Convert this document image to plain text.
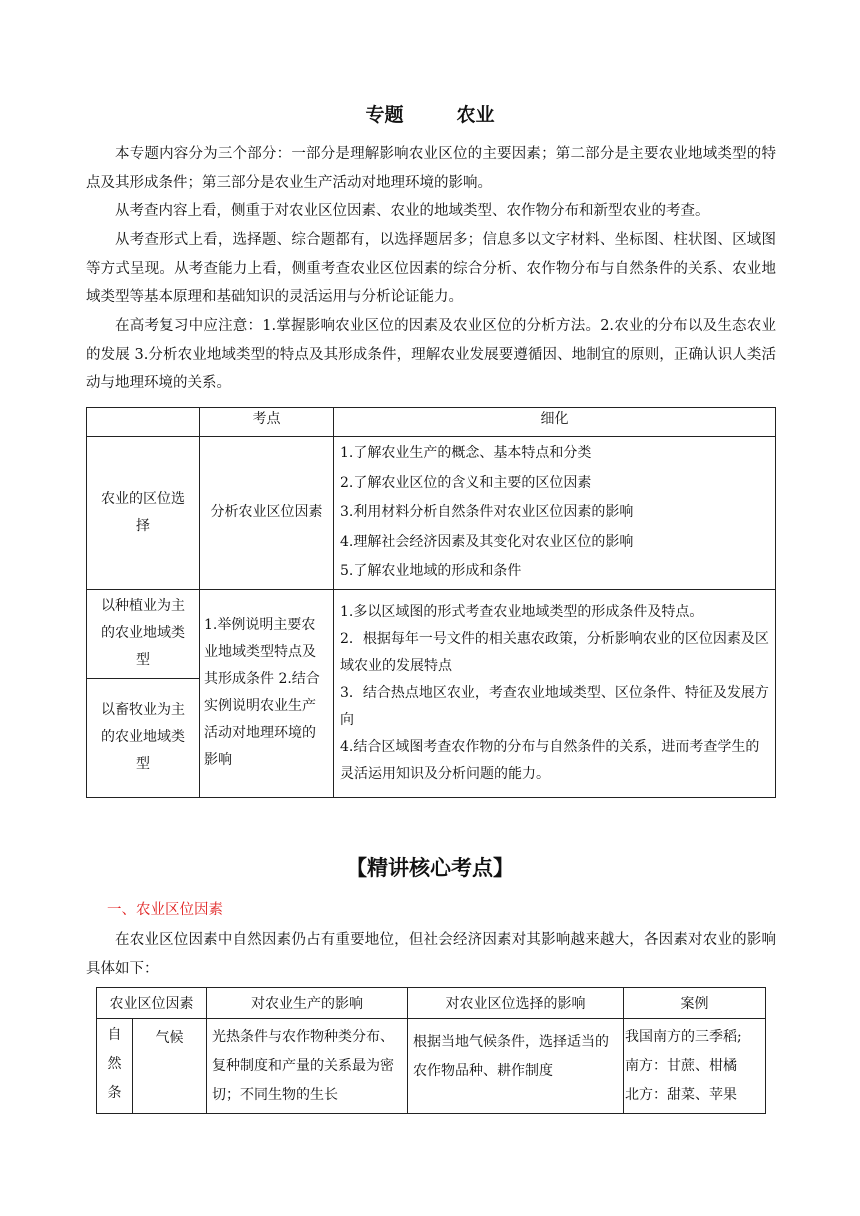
专题        农业

本专题内容分为三个部分：一部分是理解影响农业区位的主要因素；第二部分是主要农业地域类型的特点及其形成条件；第三部分是农业生产活动对地理环境的影响。

从考查内容上看，侧重于对农业区位因素、农业的地域类型、农作物分布和新型农业的考查。

从考查形式上看，选择题、综合题都有，以选择题居多；信息多以文字材料、坐标图、柱状图、区域图等方式呈现。从考查能力上看，侧重考查农业区位因素的综合分析、农作物分布与自然条件的关系、农业地域类型等基本原理和基础知识的灵活运用与分析论证能力。

在高考复习中应注意：1.掌握影响农业区位的因素及农业区位的分析方法。2.农业的分布以及生态农业的发展 3.分析农业地域类型的特点及其形成条件，理解农业发展要遵循因、地制宜的原则，正确认识人类活动与地理环境的关系。

	考点	细化
农业的区位选择	分析农业区位因素	1.了解农业生产的概念、基本特点和分类
2.了解农业区位的含义和主要的区位因素
3.利用材料分析自然条件对农业区位因素的影响
4.理解社会经济因素及其变化对农业区位的影响
5.了解农业地域的形成和条件

以种植业为主的农业地域类型	1.举例说明主要农业地域类型特点及其形成条件 2.结合实例说明农业生产活动对地理环境的影响	1.多以区域图的形式考查农业地域类型的形成条件及特点。
2．根据每年一号文件的相关惠农政策，分析影响农业的区位因素及区域农业的发展特点
3．结合热点地区农业，考查农业地域类型、区位条件、特征及发展方向
4.结合区域图考查农作物的分布与自然条件的关系，进而考查学生的灵活运用知识及分析问题的能力。

以畜牧业为主的农业地域类型		
【精讲核心考点】
一、农业区位因素

在农业区位因素中自然因素仍占有重要地位，但社会经济因素对其影响越来越大，各因素对农业的影响具体如下：

农业区位因素		对农业生产的影响	对农业区位选择的影响	案例

自然条	气候	光热条件与农作物种类分布、复种制度和产量的关系最为密切；不同生物的生长	根据当地气候条件，选择适当的农作物品种、耕作制度	我国南方的三季稻;
南方：甘蔗、柑橘
北方：甜菜、苹果
